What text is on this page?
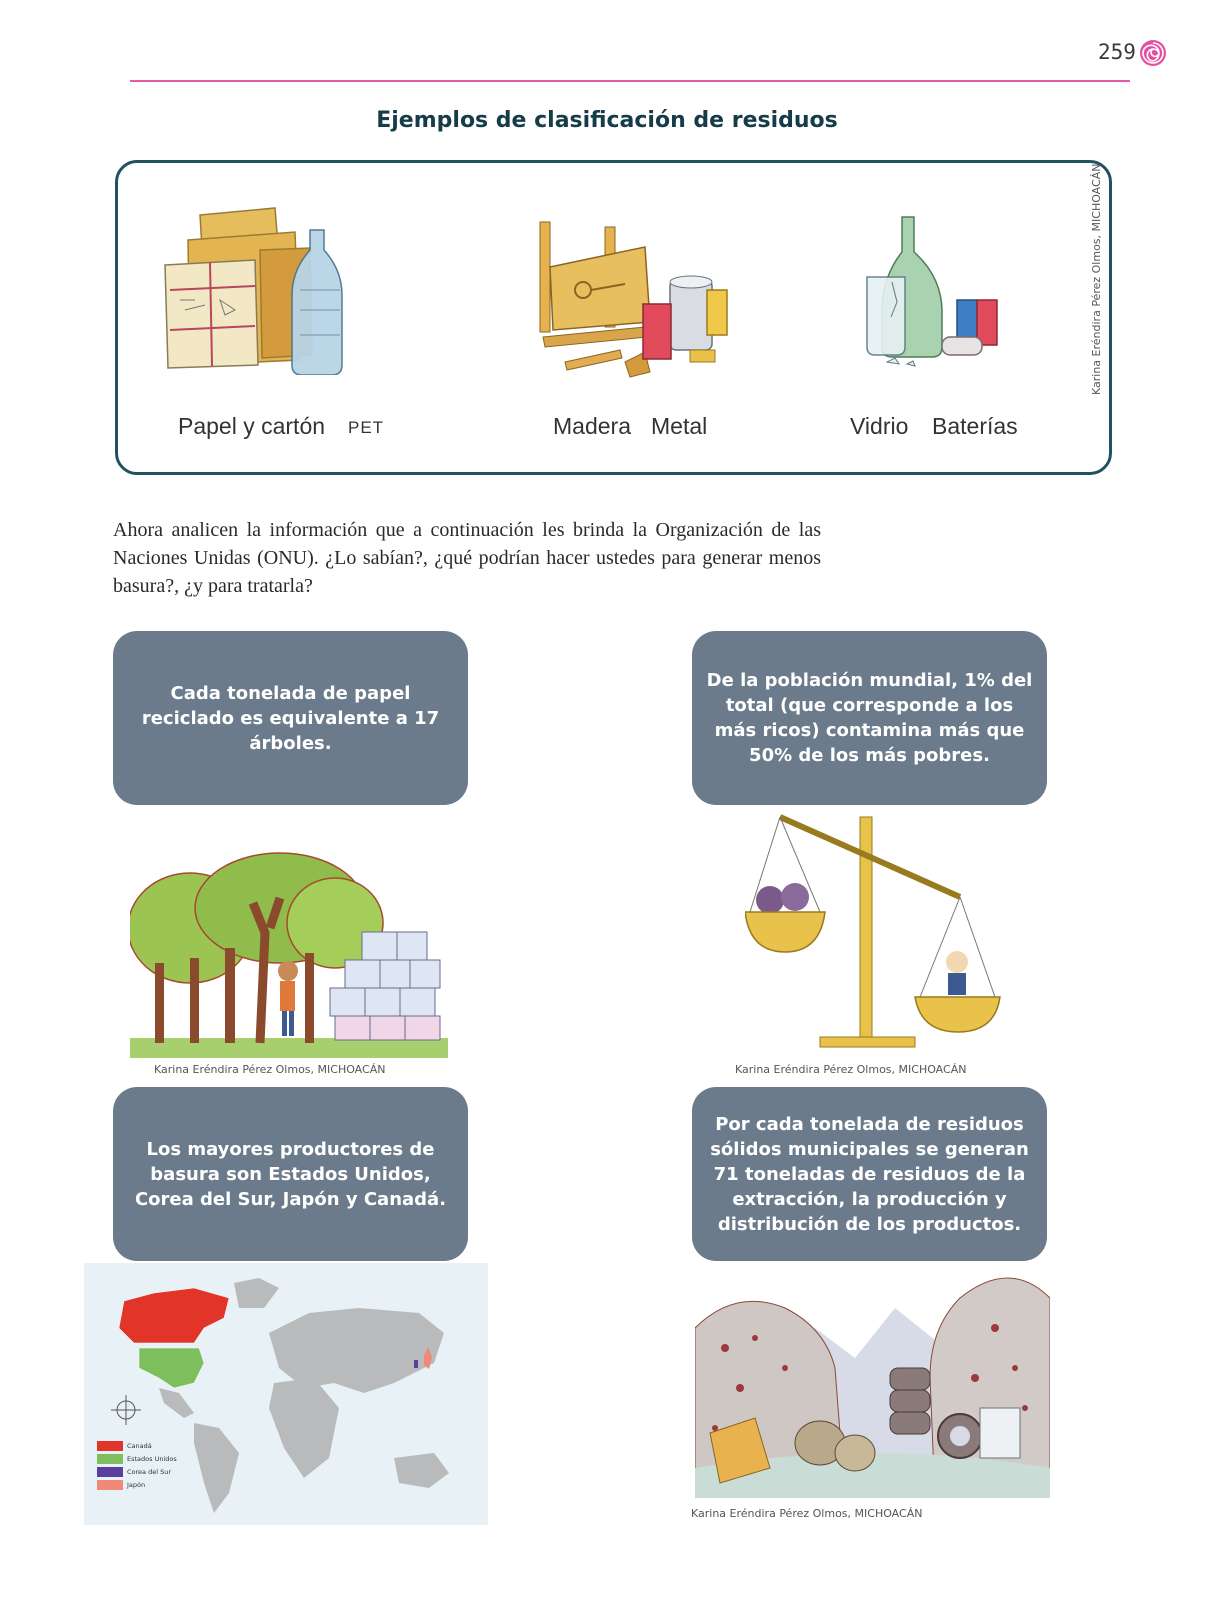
259
Ejemplos de clasificación de residuos
Papel y cartón PET	Madera Metal	Vidrio Baterías
Karina Eréndira Pérez Olmos, MICHOACÁN

Ahora analicen la información que a continuación les brinda la Organización de las Naciones Unidas (ONU). ¿Lo sabían?, ¿qué podrían hacer ustedes para generar menos basura?, ¿y para tratarla?

Cada tonelada de papel reciclado es equivalente a 17 árboles.
De la población mundial, 1% del total (que corresponde a los más ricos) contamina más que 50% de los más pobres.
Los mayores productores de basura son Estados Unidos, Corea del Sur, Japón y Canadá.
Por cada tonelada de residuos sólidos municipales se generan 71 toneladas de residuos de la extracción, la producción y distribución de los productos.
Karina Eréndira Pérez Olmos, MICHOACÁN	Karina Eréndira Pérez Olmos, MICHOACÁN
Canadá
Estados Unidos
Corea del Sur
Japón
Karina Eréndira Pérez Olmos, MICHOACÁN
